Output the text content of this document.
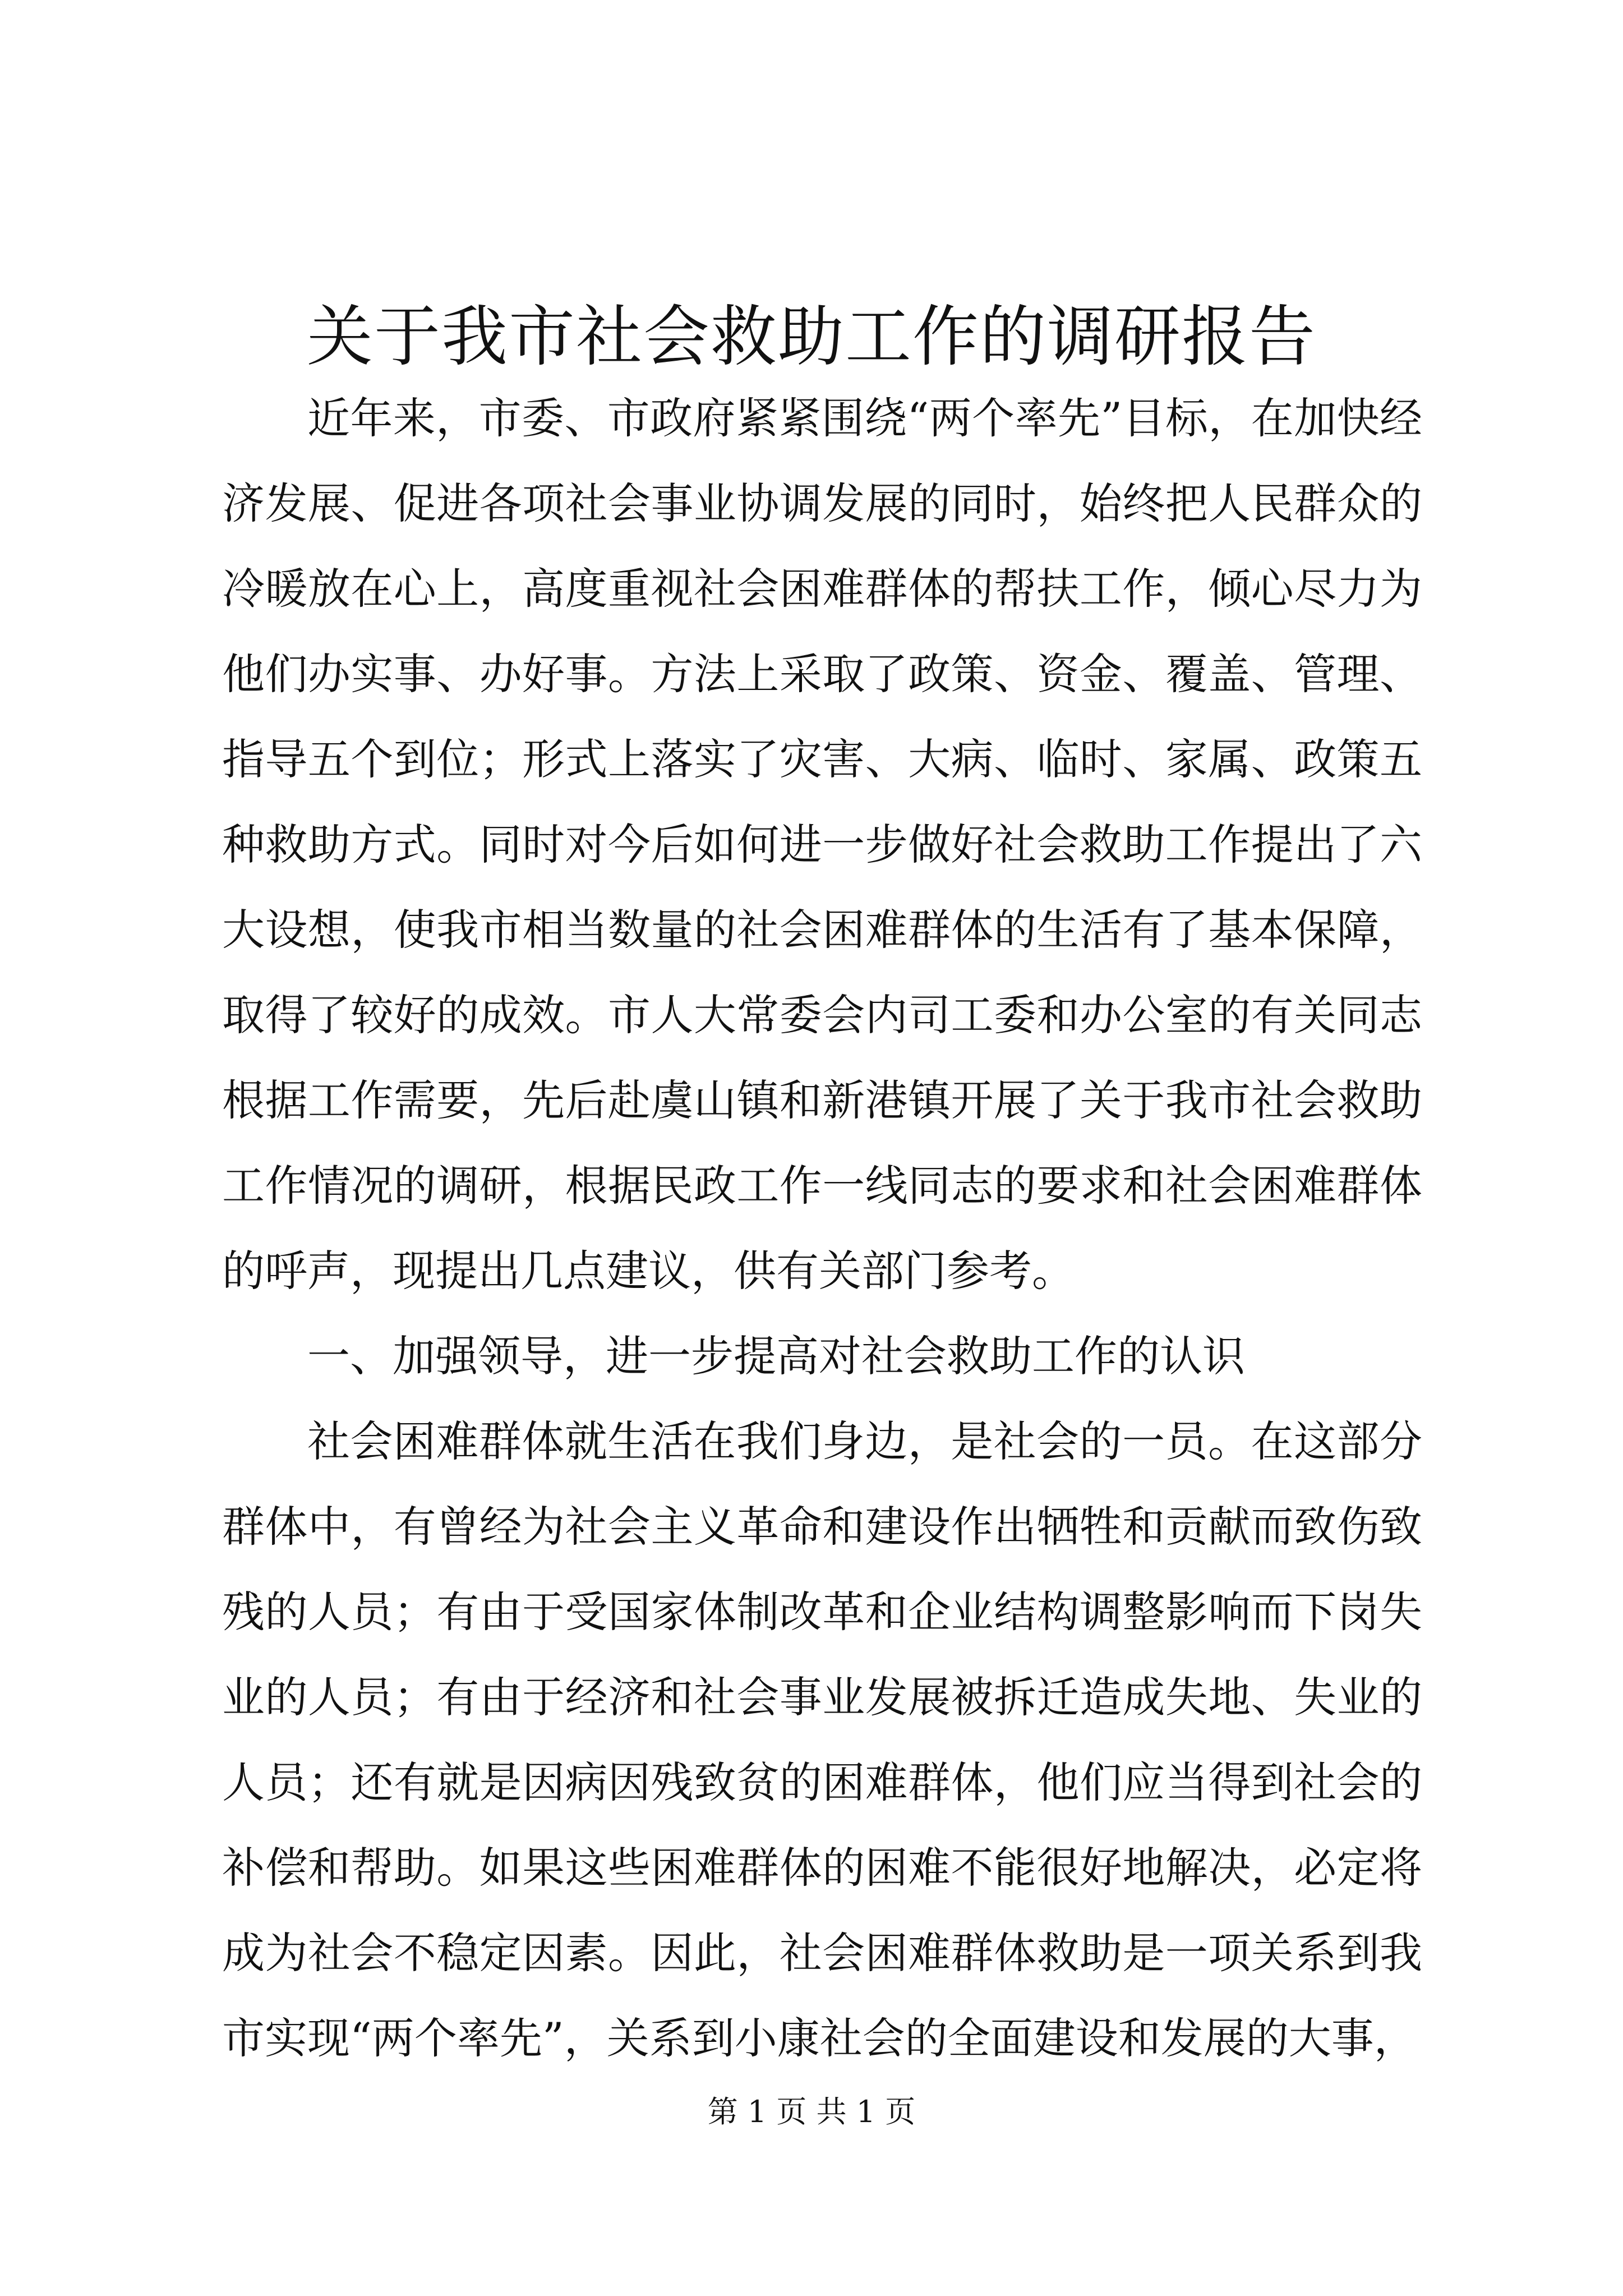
关于我市社会救助工作的调研报告

近年来，市委、市政府紧紧围绕“两个率先”目标，在加快经济发展、促进各项社会事业协调发展的同时，始终把人民群众的冷暖放在心上，高度重视社会困难群体的帮扶工作，倾心尽力为他们办实事、办好事。方法上采取了政策、资金、覆盖、管理、指导五个到位；形式上落实了灾害、大病、临时、家属、政策五种救助方式。同时对今后如何进一步做好社会救助工作提出了六大设想，使我市相当数量的社会困难群体的生活有了基本保障，取得了较好的成效。市人大常委会内司工委和办公室的有关同志根据工作需要，先后赴虞山镇和新港镇开展了关于我市社会救助工作情况的调研，根据民政工作一线同志的要求和社会困难群体的呼声，现提出几点建议，供有关部门参考。

一、加强领导，进一步提高对社会救助工作的认识

社会困难群体就生活在我们身边，是社会的一员。在这部分群体中，有曾经为社会主义革命和建设作出牺牲和贡献而致伤致残的人员；有由于受国家体制改革和企业结构调整影响而下岗失业的人员；有由于经济和社会事业发展被拆迁造成失地、失业的人员；还有就是因病因残致贫的困难群体，他们应当得到社会的补偿和帮助。如果这些困难群体的困难不能很好地解决，必定将成为社会不稳定因素。因此，社会困难群体救助是一项关系到我市实现“两个率先”，关系到小康社会的全面建设和发展的大事，

第 1 页 共 1 页
